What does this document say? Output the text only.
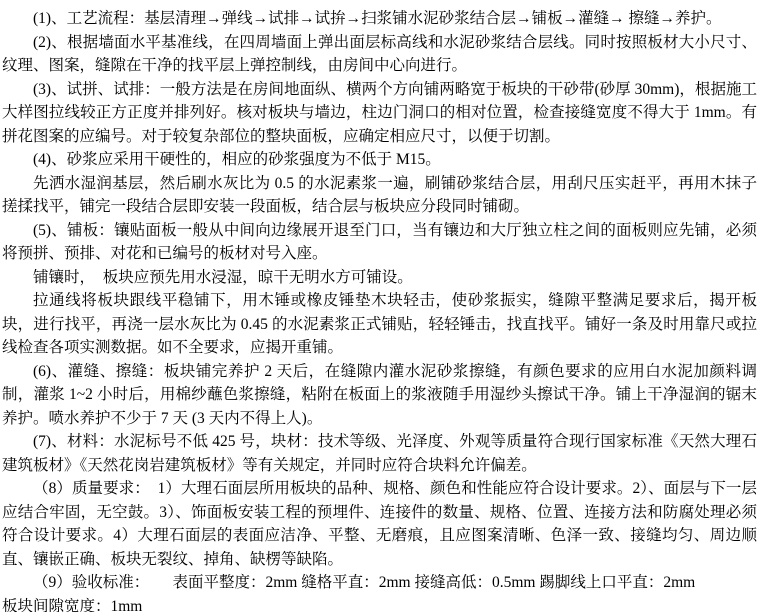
(1)、工艺流程：基层清理→弹线→试排→试拚→扫浆铺水泥砂浆结合层→铺板→灌缝→ 擦缝→养护。

(2)、根据墙面水平基准线，在四周墙面上弹出面层标高线和水泥砂浆结合层线。同时按照板材大小尺寸、纹理、图案，缝隙在干净的找平层上弹控制线，由房间中心向进行。

(3)、试拼、试排：一般方法是在房间地面纵、横两个方向铺两略宽于板块的干砂带(砂厚 30mm)，根据施工大样图拉线较正方正度并排列好。核对板块与墙边，柱边门洞口的相对位置，检查接缝宽度不得大于 1mm。有拼花图案的应编号。对于较复杂部位的整块面板，应确定相应尺寸，以便于切割。

(4)、砂浆应采用干硬性的，相应的砂浆强度为不低于 M15。

先洒水湿润基层，然后刷水灰比为 0.5 的水泥素浆一遍，刷铺砂浆结合层，用刮尺压实赶平，再用木抹子搓揉找平，铺完一段结合层即安装一段面板，结合层与板块应分段同时铺砌。

(5)、铺板：镶贴面板一般从中间向边缘展开退至门口，当有镶边和大厅独立柱之间的面板则应先铺，必须将预拼、预排、对花和已编号的板材对号入座。

铺镶时，　板块应预先用水浸湿，晾干无明水方可铺设。

拉通线将板块跟线平稳铺下，用木锤或橡皮锤垫木块轻击，使砂浆振实，缝隙平整满足要求后，揭开板块，进行找平，再浇一层水灰比为 0.45 的水泥素浆正式铺贴，轻轻锤击，找直找平。铺好一条及时用靠尺或拉线检查各项实测数据。如不全要求，应揭开重铺。

(6)、灌缝、擦缝：板块铺完养护 2 天后，在缝隙内灌水泥砂浆擦缝，有颜色要求的应用白水泥加颜料调制，灌浆 1~2 小时后，用棉纱蘸色浆擦缝，粘附在板面上的浆液随手用湿纱头擦试干净。铺上干净湿润的锯末养护。喷水养护不少于 7 天 (3 天内不得上人)。

(7)、材料：水泥标号不低 425 号，块材：技术等级、光泽度、外观等质量符合现行国家标准《天然大理石建筑板材》《天然花岗岩建筑板材》等有关规定，并同时应符合块料允许偏差。

（8）质量要求：　1）大理石面层所用板块的品种、规格、颜色和性能应符合设计要求。2）、面层与下一层应结合牢固，无空鼓。3）、饰面板安装工程的预埋件、连接件的数量、规格、位置、连接方法和防腐处理必须符合设计要求。4）大理石面层的表面应洁净、平整、无磨痕，且应图案清晰、色泽一致、接缝均匀、周边顺直、镶嵌正确、板块无裂纹、掉角、缺楞等缺陷。

（9）验收标准：　　表面平整度：2mm 缝格平直：2mm 接缝高低：0.5mm 踢脚线上口平直：2mm

板块间隙宽度：1mm
